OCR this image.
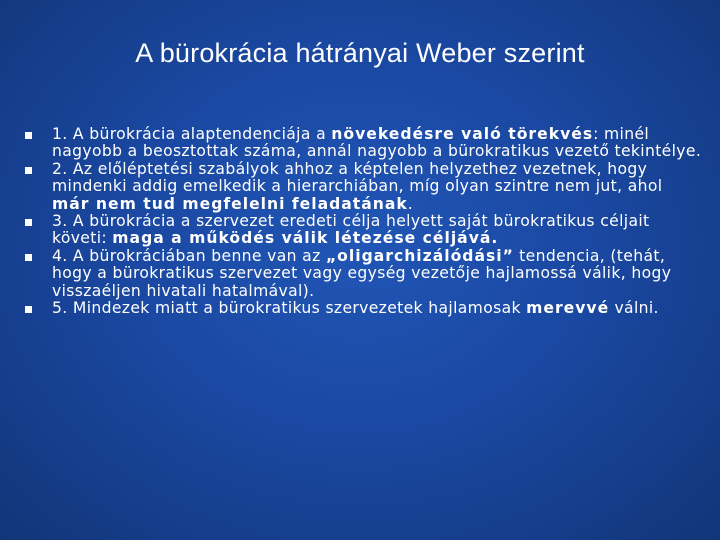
A bürokrácia hátrányai Weber szerint

1. A bürokrácia alaptendenciája a növekedésre való törekvés: minél nagyobb a beosztottak száma, annál nagyobb a bürokratikus vezető tekintélye.

2. Az előléptetési szabályok ahhoz a képtelen helyzethez vezetnek, hogy mindenki addig emelkedik a hierarchiában, míg olyan szintre nem jut, ahol már nem tud megfelelni feladatának.

3. A bürokrácia a szervezet eredeti célja helyett saját bürokratikus céljait követi: maga a működés válik létezése céljává.

4. A bürokráciában benne van az „oligarchizálódási” tendencia, (tehát, hogy a bürokratikus szervezet vagy egység vezetője hajlamossá válik, hogy visszaéljen hivatali hatalmával).

5. Mindezek miatt a bürokratikus szervezetek hajlamosak merevvé válni.
